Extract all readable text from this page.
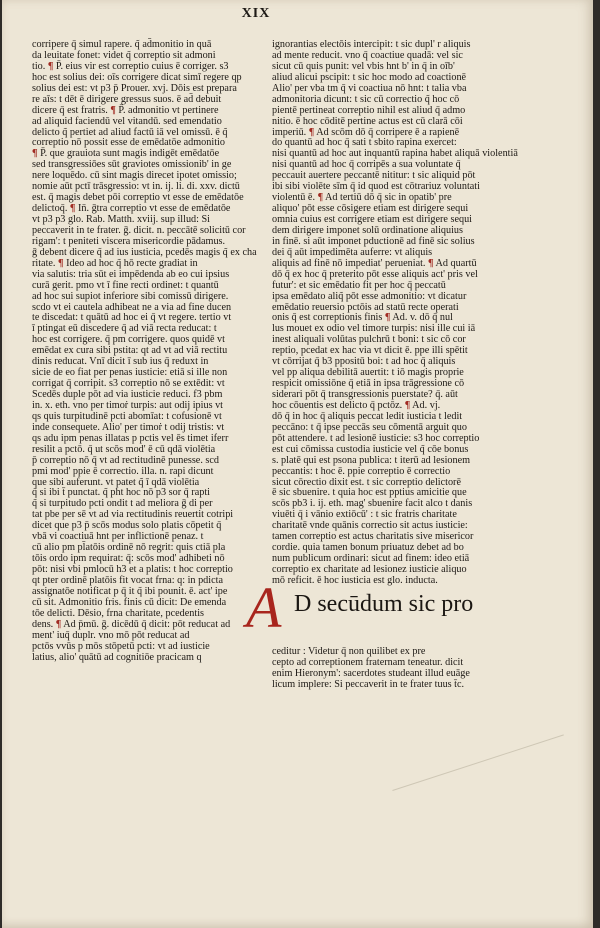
XIX
corripere q̄ simul rapere. q̃ ad̄monitio in quā
da leuitate fonet: videt q̃ correptio sit admoni
tio. ¶ P̄. eius vir est correptio cuius ē corriger. s3
hoc est solius dei: oīs corrigere dicat simī regere qp
solius dei est: vt p3 p̄ Prouer. xvj. Dōis est prepara
re aīs: t dēt ē dirigere gressus suos. ē ad̄ debuit
dicere q̄ est fratris. ¶ P̄. admonitio vt pertinere
ad aliquid faciendū vel vitandū. sed emendatio
delicto q̃ pertiet ad aliud factū iā vel omissū. ē q̃
correptio nō possit esse de emēdatōe admonitio
¶ P̄. que grauiota sunt magis indigēt emēdatōe
sed transgressiōes sūt graviotes omissionib' in ge
nere loquēdo. cū sint magis direcet ipotet omissio;
nomie aūt pctī trāsgressio: vt in. ij. li. di. xxv. dictū
est. q̄ magis debet pōi correptio vt esse de emēdatōe
delictoq̄. ¶ In̄. ḡtra correptio vt esse de emēdatōe
vt p3 p3 glo. Rab. Matth. xviij. sup illud: Si
peccaverit in te frater. ḡ. dicit. n. peccātē solicitū cor
rigam': t peniteti viscera misericordie pādamus.
ḡ debent dicere q̃ ad ius iusticia, pcedēs magis q̃ ex cha
ritate. ¶ Ideo ad hoc q̃ hō recte gradiat in
via salutis: tria sūt ei impēdenda ab eo cui ipsius
curā gerit. pmo vt ī fine recti ordinet: t quantū
ad hoc sui supiot inferiore sibi comissū dirigere.
scdo vt ei cautela adhibeat ne a via ad fine ducen
te discedat: t quātū ad hoc ei q̄ vt regere. tertio vt
ī ptingat eū discedere q̄ ad viā recta reducat: t
hoc est corrigere. q̄ pm corrigere. quos quidē vt
emēdat ex cura sibi pstita: qt ad vt ad viā rectitu
dinis reducat. Vnī dicit ī sub ius q̄ reduxt in
sicie de eo fiat per penas iusticie: etiā si ille non
corrigat q̄ corripit. s3 correptio nō se extēdit: vt
Scedēs duple pōt ad via iusticie reduci. f3 pbm
in. x. eth. vno per timoṙ turpis: aut odij ipius vt
qs quis turpitudinē pcti abomīat: t cofusionē vt
inde consequete. Alio' per timoṙ t odij tristis: vt
qs adu ipm penas illatas p pctis vel ēs timet iferr
resilit a pctō. q̄ ut scōs mod' ē cū qdā violētia
p̄ correptio nō q̄ vt ad rectitudinē punesse. scd
pmi mod' ppie ē correctio. illa. n. rapi dicunt
que sibi auferunt. vt patet q̃ ī qdā violētia
q̃ si ibi t̄ punctat. q̃ pht hoc nō p3 sor q̄ rapti
q̃ si turpitudo pcti ondit t ad meliora ḡ di per
tat pbe per sē vt ad via rectitudinis reuertit cotripi
dicet que p3 p̄ scōs modus solo platis cōpetit q̄
vbā vi coactiuā hnt per inflictionē penaz. t
cū alio pm pl̄atōis ordinē nō regrit: quis ctiā pla
tōis ordo ipm requirat: q̄: scōs mod' adhibeti nō
pōt: nisi vbi pmlocū h3 et a platis: t hoc correptio
qt pter ordinē platōis fit vocat frna: q: in pdicta
assignatōe notificat p q̄ it q̃ ibi pounit. ē. act' ipe
cū sit. Admonitio fris. finis cū dicit: De emenda
tōe delicti. Dēsio, frna charitate, pcedentis
dens. ¶ Ad p̄mū. ḡ. dicēdū q̄ dicit: pōt reducat ad
ment' iuq̄ duplr. vno mō pōt reducat ad
pctōs vvūs p mōs stōpetū pcti: vt ad iusticie
latius, alio' quātū ad cognitiōe pracicam q
ignorantias electōis intercipit: t sic dupl' r aliquis
ad mente reducit. vno q̄ coactiue quadā: vel sic
sicut cū quis punit: vel vbis hnt b' in q̄ in oīb'
aliud alicui pscipit: t sic hoc modo ad coactionē
Alio' per vba tm q̄ vi coactiua nō hnt: t talia vba
admonitoria dicunt: t sic cū correctio q̃ hoc cō
pientē pertineat correptio nihil est aliud q̄ admo
nitio. ē hoc cōditē pertine actus est cū clarā cōi
imperiū. ¶ Ad scōm dō q̄ corripere ē a rapienē
do quantū ad hoc q̄ sati t sbito rapina exercet:
nisi quantū ad hoc aut inquantū rapina habet aliquā violentiā
nisi quantū ad hoc q̄ corripēs a sua voluntate q̄
peccauit auertere peccantē nititur: t sic aliquid pōt
ibi sibi violēte sīm q̄ id quod est cōtrariuz voluntati
violentū ē. ¶ Ad tertiū dō q̄ sic in opatib' pre
aliquo' pōt esse cōsigere etiam est dirigere sequi
omnia cuius est corrigere etiam est dirigere sequi
dem dirigere imponet solū ordinatione aliquius
in finē. si aūt imponet pductionē ad finē sic solius
dei q̄ aūt impedimēta auferre: vt aliquis
aliquis ad finē nō impediat' perueniat. ¶ Ad quartū
dō q̄ ex hoc q̄ preterito pōt esse aliquis act' pris vel
futur': et sic emēdatio fit per hoc q̄ peccatū
ipsa emēdato aliq̃ pōt esse admonitio: vt dicatur
emēdatio reuersio pctōis ad statū recte operati
onis q̄ est correptionis finis ¶ Ad. v. dō q̄ nul
lus mouet ex odio vel timore turpis: nisi ille cui iā
inest aliquali volūtas pulchrū t boni: t sic cō cor
reptio, pcedat ex hac via vt dicit ē. ppe illi spētit
vt cōrrijat q̄ b3 ppositū boi: t ad hoc q̄ aliquis
vel pp aliqua debilitā auertit: t iō magis proprie
respicit omissiōne q̄ etiā in ipsa trāgressione cō
siderari pōt q̄ transgressionis puerstate? q̄. aūt
hoc cōuentis est delicto q̄ pctōz. ¶ Ad. vj.
dō q̄ in hoc q̄ aliquis peccat ledit iusticia t ledit
peccāno: t q̄ ipse peccās seu cōmentā arguit quo
pōt attendere. t ad lesionē iusticie: s3 hoc correptio
est cui cōmissa custodia iusticie vel q̃ cōe bonus
s. platē qui est psona publica: t iterū ad lesionem
peccantis: t hoc ē. ppie correptio ē correctio
sicut cōrectio dixit est. t sic correptio delictorē
ē sic sbuenire. t quia hoc est pptius amicitie que
scōs pb3 i. ij. eth. mag' sbuenire facit alco t danis
viuēti q̄ i vānio extiōcū' : t sic fratris charitate
charitatē vnde quānis correctio sit actus iusticie:
tamen correptio est actus charitatis sive misericor
cordie. quia tamen bonum priuatuz debet ad bo
num publicum ordinari: sicut ad finem: ideo etiā
correptio ex charitate ad lesionez iusticie aliquo
mō reficit. ē hoc iusticia est glo. inducta.
A D secūdum sic pro
ceditur : Videtur q̄ non quilibet ex pre
cepto ad correptionem fraternam teneatur. dicit
enim Hieronym': sacerdotes studeant illud euāge
licum implere: Si peccaverit in te frater tuus t̄c.
